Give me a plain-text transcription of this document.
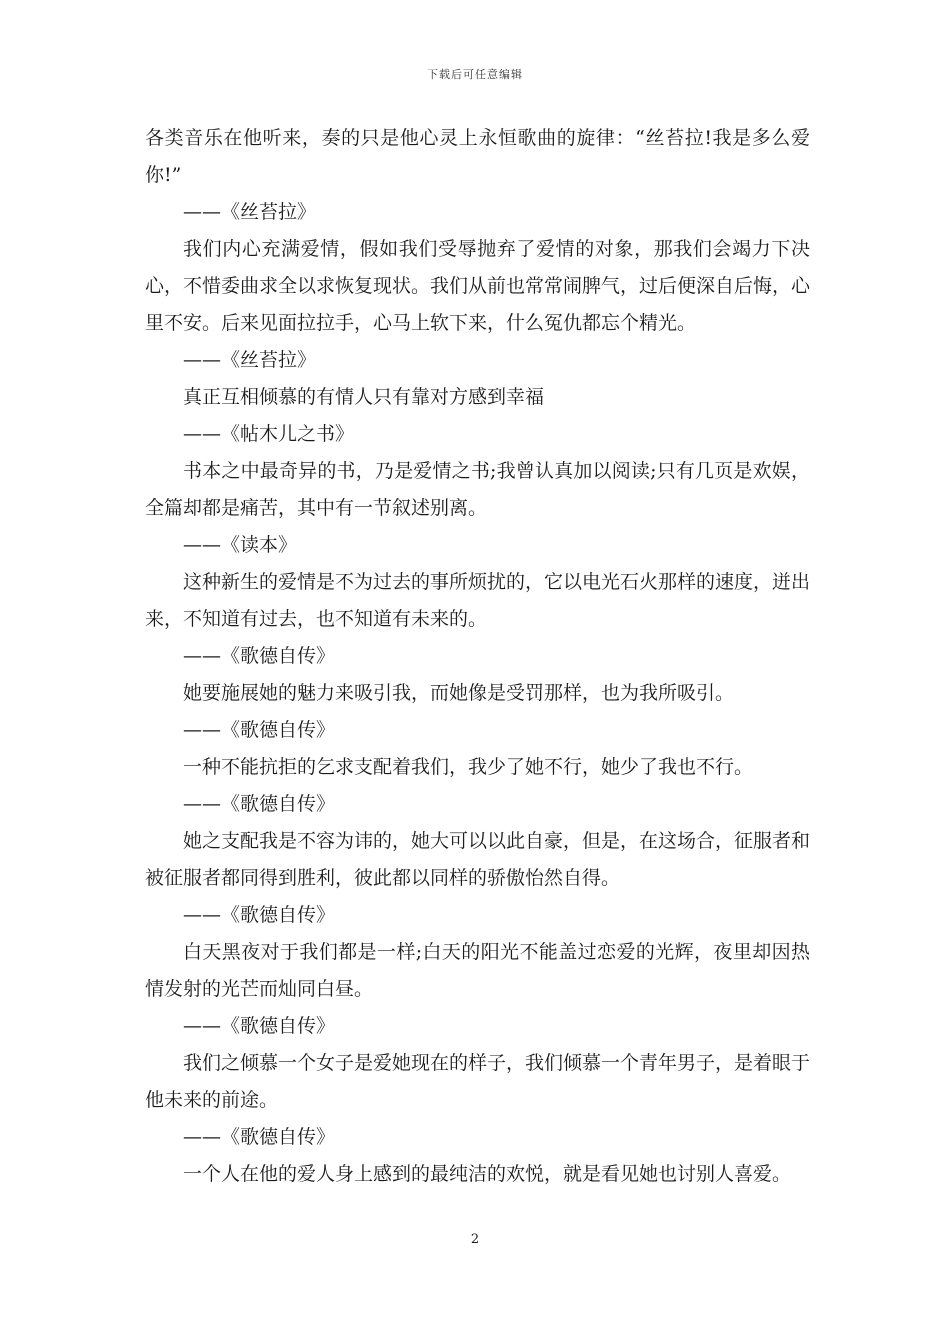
下载后可任意编辑

各类音乐在他听来，奏的只是他心灵上永恒歌曲的旋律：“丝苔拉!我是多么爱你!”

——《丝苔拉》

我们内心充满爱情，假如我们受辱抛弃了爱情的对象，那我们会竭力下决心，不惜委曲求全以求恢复现状。我们从前也常常闹脾气，过后便深自后悔，心里不安。后来见面拉拉手，心马上软下来，什么冤仇都忘个精光。

——《丝苔拉》

真正互相倾慕的有情人只有靠对方感到幸福

——《帖木儿之书》

书本之中最奇异的书，乃是爱情之书;我曾认真加以阅读;只有几页是欢娱，全篇却都是痛苦，其中有一节叙述别离。

——《读本》

这种新生的爱情是不为过去的事所烦扰的，它以电光石火那样的速度，迸出来，不知道有过去，也不知道有未来的。

——《歌德自传》

她要施展她的魅力来吸引我，而她像是受罚那样，也为我所吸引。

——《歌德自传》

一种不能抗拒的乞求支配着我们，我少了她不行，她少了我也不行。

——《歌德自传》

她之支配我是不容为讳的，她大可以以此自豪，但是，在这场合，征服者和被征服者都同得到胜利，彼此都以同样的骄傲怡然自得。

——《歌德自传》

白天黑夜对于我们都是一样;白天的阳光不能盖过恋爱的光辉，夜里却因热情发射的光芒而灿同白昼。

——《歌德自传》

我们之倾慕一个女子是爱她现在的样子，我们倾慕一个青年男子，是着眼于他未来的前途。

——《歌德自传》

一个人在他的爱人身上感到的最纯洁的欢悦，就是看见她也讨别人喜爱。

2
